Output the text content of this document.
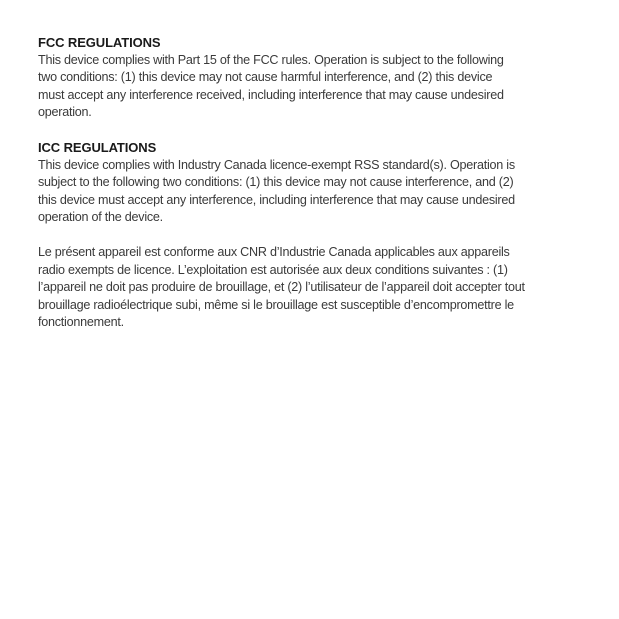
FCC REGULATIONS
This device complies with Part 15 of the FCC rules. Operation is subject to the following
two conditions: (1) this device may not cause harmful interference, and (2) this device
must accept any interference received, including interference that may cause undesired
operation.
ICC REGULATIONS
This device complies with Industry Canada licence-exempt RSS standard(s). Operation is
subject to the following two conditions: (1) this device may not cause interference, and (2)
this device must accept any interference, including interference that may cause undesired
operation of the device.
Le présent appareil est conforme aux CNR d’Industrie Canada applicables aux appareils
radio exempts de licence. L’exploitation est autorisée aux deux conditions suivantes : (1)
l’appareil ne doit pas produire de brouillage, et (2) l’utilisateur de l’appareil doit accepter tout
brouillage radioélectrique subi, même si le brouillage est susceptible d’encompromettre le
fonctionnement.
